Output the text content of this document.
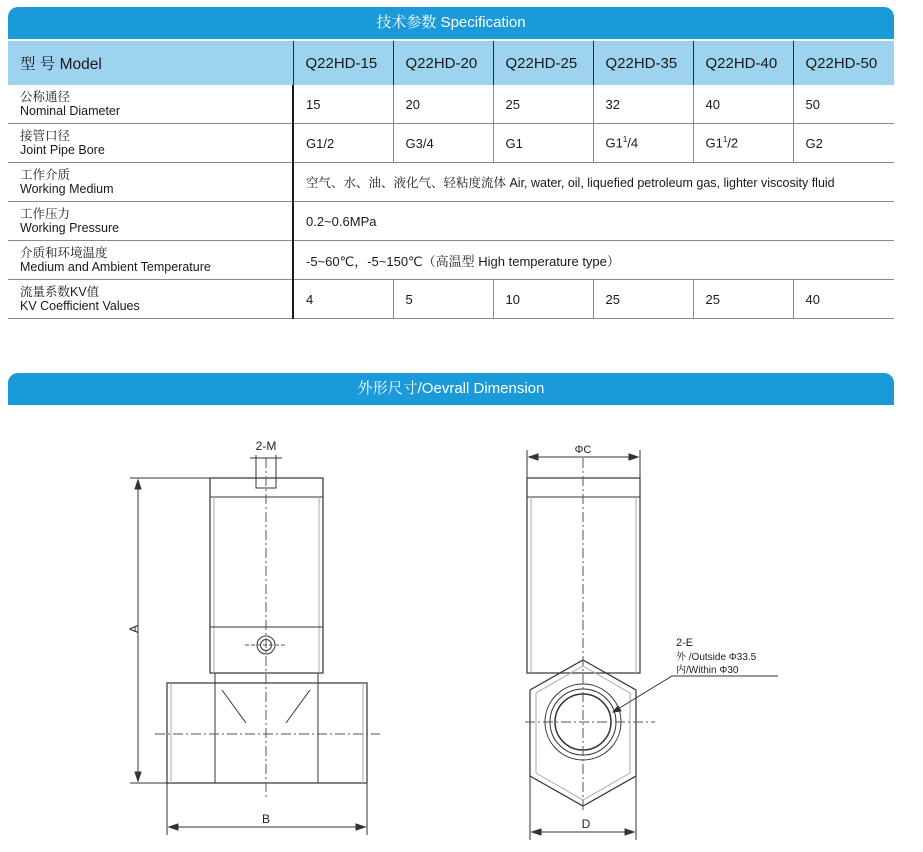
技术参数 Specification
型 号 Model	Q22HD-15	Q22HD-20	Q22HD-25	Q22HD-35	Q22HD-40	Q22HD-50

公称通径
Nominal Diameter	15	20	25	32	40	50

接管口径
Joint Pipe Bore	G1/2	G3/4	G1	$G1^1/4$	$G1^1/2$	G2

工作介质
Working Medium	空气、水、油、液化气、轻粘度流体 Air, water, oil, liquefied petroleum gas, lighter viscosity fluid					

工作压力
Working Pressure	0.2~0.6MPa					

介质和环境温度
Medium and Ambient Temperature	-5~60℃，-5~150℃（高温型 High temperature type）					

流量系数KV值
KV Coefficient Values	4	5	10	25	25	40
外形尺寸/Oevrall Dimension
2-M
A
B
ΦC
D
2-E
外 /Outside Φ33.5
内/Within Φ30
